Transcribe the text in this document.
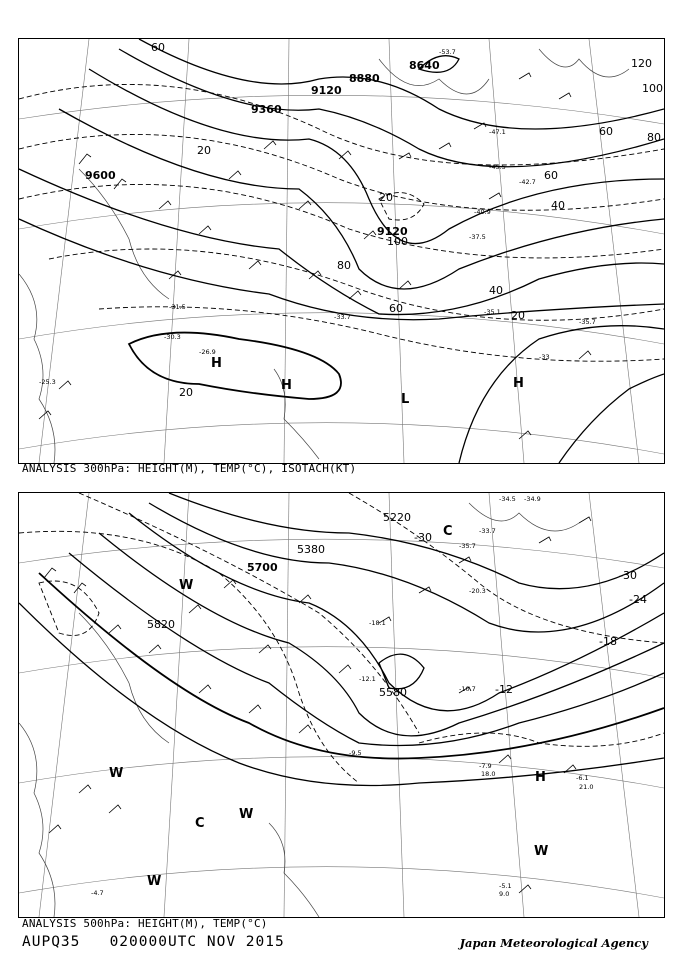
-53.7
-47.1
-45.5
-42.7
-40.9
-37.5
-35.1
-35.7
-33.7
-31.5
-30.3
-26.9
-25.3
-33
8640
8880
9120
9360
9600
9120
60
120
100
80
60
60
40
20
20
100
80
60
40
20
20
H
H
L
H
ANALYSIS 300hPa: HEIGHT(M), TEMP(°C), ISOTACH(KT)
-34.5 -34.9
-33.7
-35.7
-20.3
-18.1
-12.1
-10.7
-9.5
-7.9
-6.1
-5.1
-4.7
21.0
18.0
9.0
5700
5820
5380
5220
5580
-30
-24
-18
-12
-30
W
W
W
C
W
W
H
C
ANALYSIS 500hPa: HEIGHT(M), TEMP(°C)
AUPQ35   020000UTC NOV 2015	Japan Meteorological Agency
